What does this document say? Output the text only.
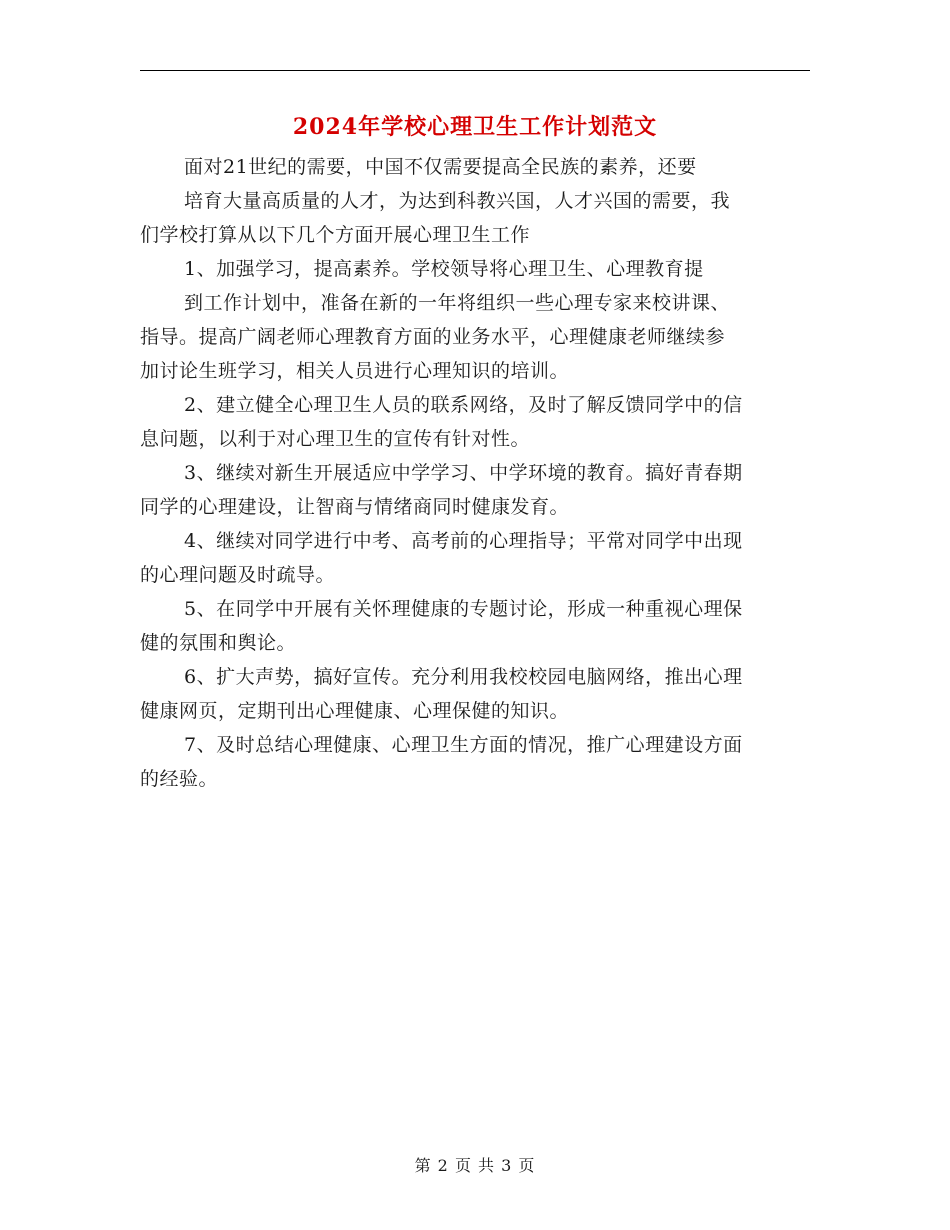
2024年学校心理卫生工作计划范文
面对21世纪的需要，中国不仅需要提高全民族的素养，还要
培育大量高质量的人才，为达到科教兴国，人才兴国的需要，我
们学校打算从以下几个方面开展心理卫生工作
1、加强学习，提高素养。学校领导将心理卫生、心理教育提
到工作计划中，准备在新的一年将组织一些心理专家来校讲课、
指导。提高广阔老师心理教育方面的业务水平，心理健康老师继续参
加讨论生班学习，相关人员进行心理知识的培训。
2、建立健全心理卫生人员的联系网络，及时了解反馈同学中的信
息问题，以利于对心理卫生的宣传有针对性。
3、继续对新生开展适应中学学习、中学环境的教育。搞好青春期
同学的心理建设，让智商与情绪商同时健康发育。
4、继续对同学进行中考、高考前的心理指导；平常对同学中出现
的心理问题及时疏导。
5、在同学中开展有关怀理健康的专题讨论，形成一种重视心理保
健的氛围和舆论。
6、扩大声势，搞好宣传。充分利用我校校园电脑网络，推出心理
健康网页，定期刊出心理健康、心理保健的知识。
7、及时总结心理健康、心理卫生方面的情况，推广心理建设方面
的经验。
第 2 页 共 3 页
